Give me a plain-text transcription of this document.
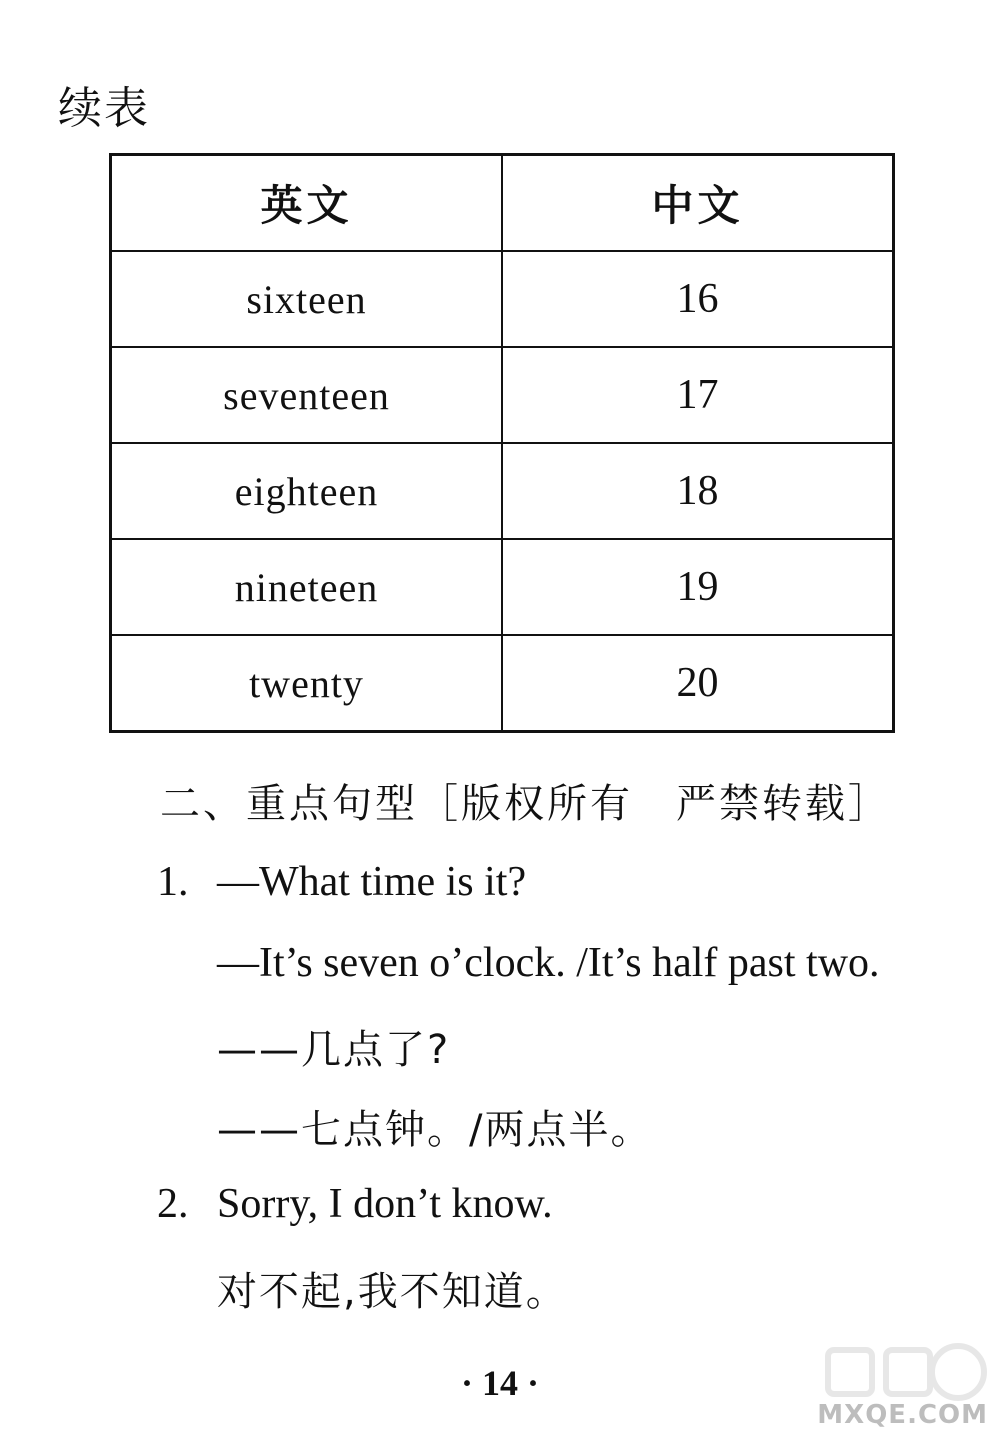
续表
英文	中文
sixteen	16
seventeen	17
eighteen	18
nineteen	19
twenty	20
二、重点句型［版权所有　严禁转载］
1. —What time is it?
—It’s seven o’clock. /It’s half past two.
——几点了?
——七点钟。/两点半。
2. Sorry, I don’t know.
对不起,我不知道。
· 14 ·
MXQE.COM
